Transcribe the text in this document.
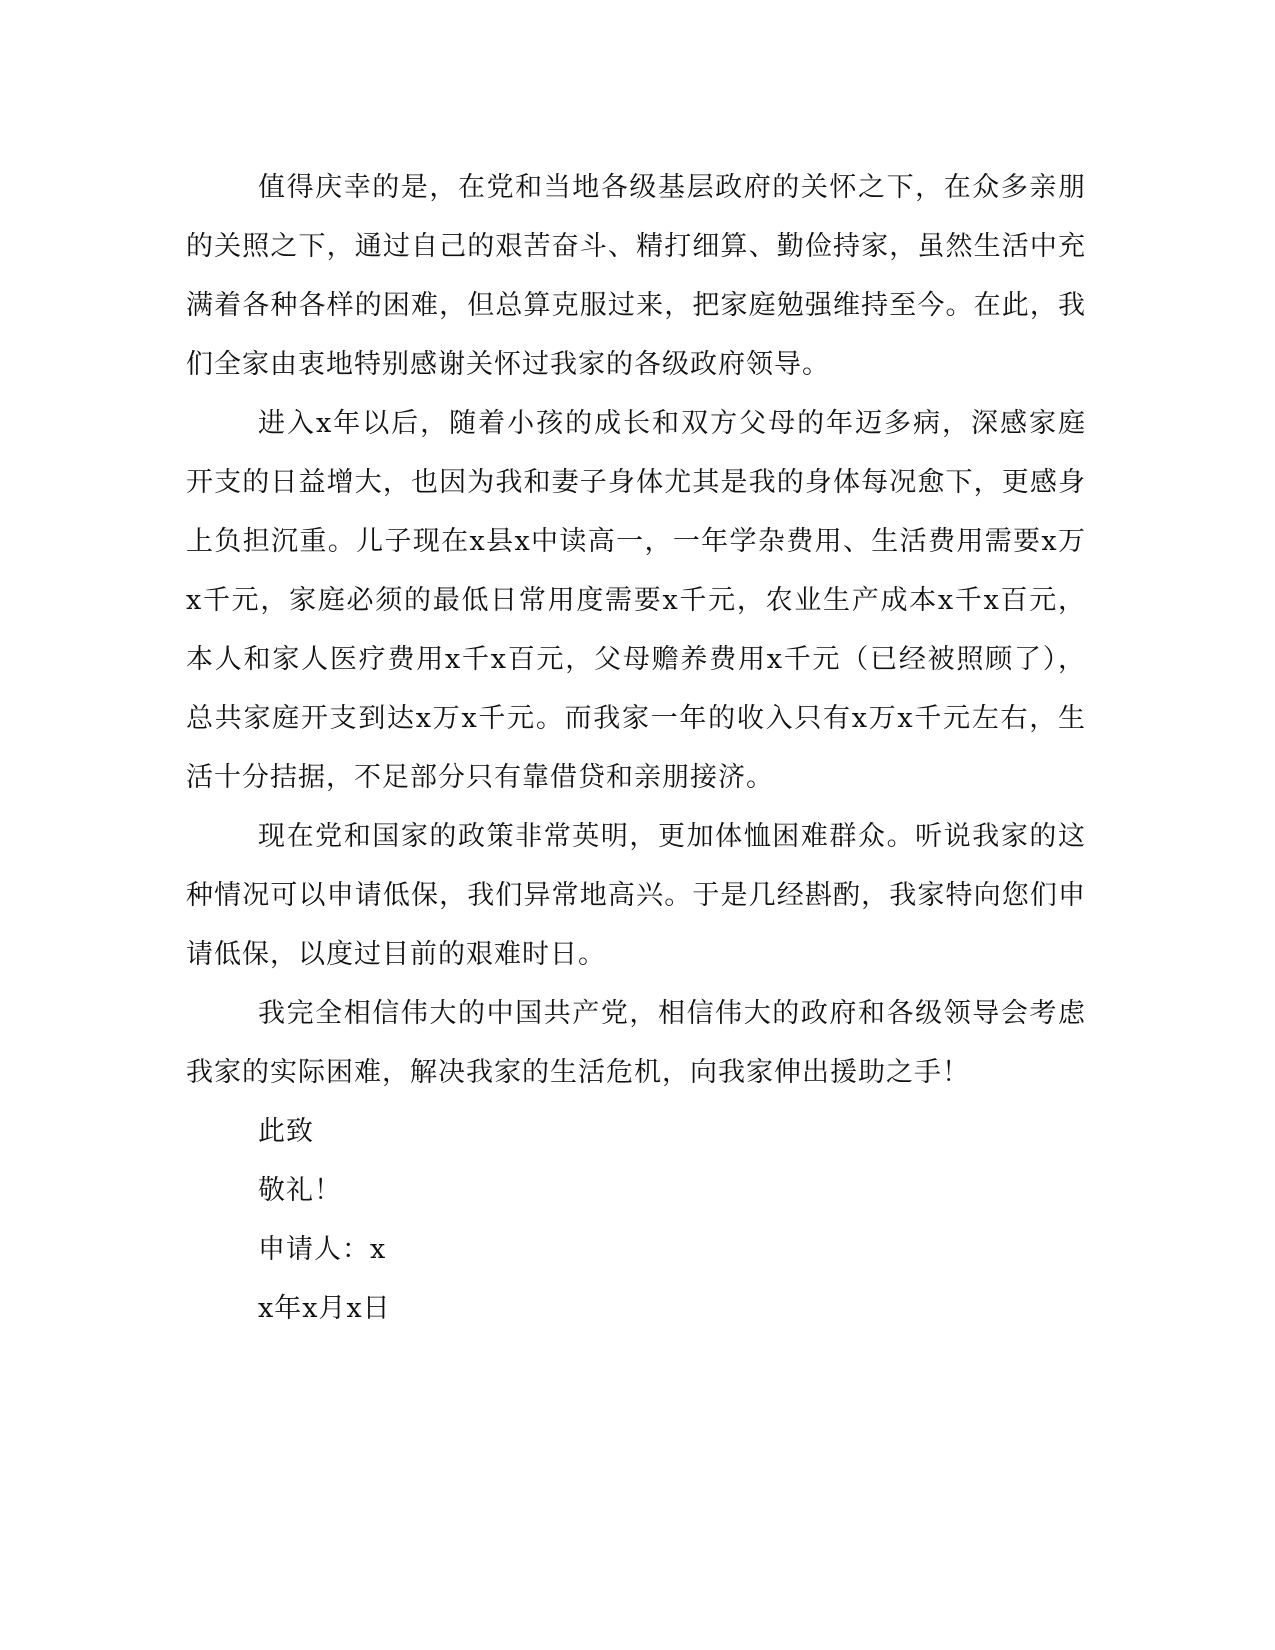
值得庆幸的是，在党和当地各级基层政府的关怀之下，在众多亲朋的关照之下，通过自己的艰苦奋斗、精打细算、勤俭持家，虽然生活中充满着各种各样的困难，但总算克服过来，把家庭勉强维持至今。在此，我们全家由衷地特别感谢关怀过我家的各级政府领导。

进入x年以后，随着小孩的成长和双方父母的年迈多病，深感家庭开支的日益增大，也因为我和妻子身体尤其是我的身体每况愈下，更感身上负担沉重。儿子现在x县x中读高一，一年学杂费用、生活费用需要x万x千元，家庭必须的最低日常用度需要x千元，农业生产成本x千x百元，本人和家人医疗费用x千x百元，父母赡养费用x千元（已经被照顾了），总共家庭开支到达x万x千元。而我家一年的收入只有x万x千元左右，生活十分拮据，不足部分只有靠借贷和亲朋接济。

现在党和国家的政策非常英明，更加体恤困难群众。听说我家的这种情况可以申请低保，我们异常地高兴。于是几经斟酌，我家特向您们申请低保，以度过目前的艰难时日。

我完全相信伟大的中国共产党，相信伟大的政府和各级领导会考虑我家的实际困难，解决我家的生活危机，向我家伸出援助之手！

此致

敬礼！

申请人：x

x年x月x日
